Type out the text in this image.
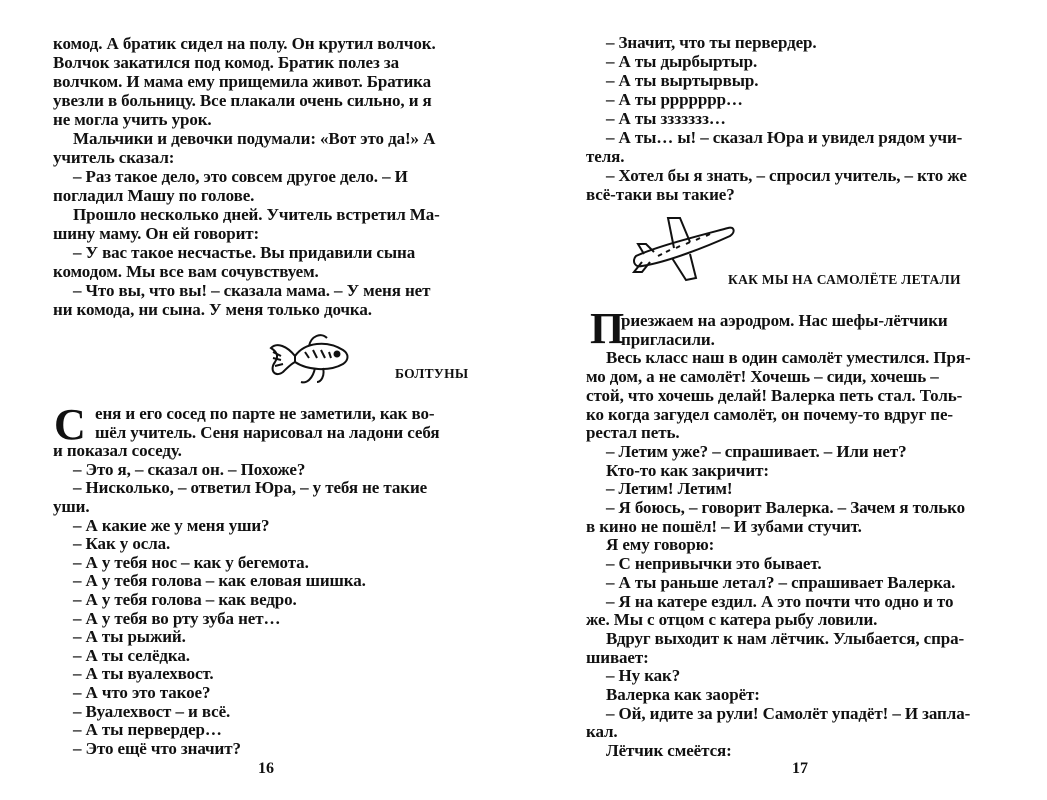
комод. А братик сидел на полу. Он крутил волчок.
Волчок закатился под комод. Братик полез за
волчком. И мама ему прищемила живот. Братика
увезли в больницу. Все плакали очень сильно, и я
не могла учить урок.
Мальчики и девочки подумали: «Вот это да!» А
учитель сказал:
– Раз такое дело, это совсем другое дело. – И
погладил Машу по голове.
Прошло несколько дней. Учитель встретил Ма-
шину маму. Он ей говорит:
– У вас такое несчастье. Вы придавили сына
комодом. Мы все вам сочувствуем.
– Что вы, что вы! – сказала мама. – У меня нет
ни комода, ни сына. У меня только дочка.
БОЛТУНЫ
С еня и его сосед по парте не заметили, как во-
шёл учитель. Сеня нарисовал на ладони себя
и показал соседу.
– Это я, – сказал он. – Похоже?
– Нисколько, – ответил Юра, – у тебя не такие
уши.
– А какие же у меня уши?
– Как у осла.
– А у тебя нос – как у бегемота.
– А у тебя голова – как еловая шишка.
– А у тебя голова – как ведро.
– А у тебя во рту зуба нет…
– А ты рыжий.
– А ты селёдка.
– А ты вуалехвост.
– А что это такое?
– Вуалехвост – и всё.
– А ты первердер…
– Это ещё что значит?
16
– Значит, что ты первердер.
– А ты дырбыртыр.
– А ты выртырвыр.
– А ты ррррррр…
– А ты ззззззз…
– А ты… ы! – сказал Юра и увидел рядом учи-
теля.
– Хотел бы я знать, – спросил учитель, – кто же
всё-таки вы такие?
КАК МЫ НА САМОЛЁТЕ ЛЕТАЛИ
П
риезжаем на аэродром. Нас шефы-лётчики
пригласили.
Весь класс наш в один самолёт уместился. Пря-
мо дом, а не самолёт! Хочешь – сиди, хочешь –
стой, что хочешь делай! Валерка петь стал. Толь-
ко когда загудел самолёт, он почему-то вдруг пе-
рестал петь.
– Летим уже? – спрашивает. – Или нет?
Кто-то как закричит:
– Летим! Летим!
– Я боюсь, – говорит Валерка. – Зачем я только
в кино не пошёл! – И зубами стучит.
Я ему говорю:
– С непривычки это бывает.
– А ты раньше летал? – спрашивает Валерка.
– Я на катере ездил. А это почти что одно и то
же. Мы с отцом с катера рыбу ловили.
Вдруг выходит к нам лётчик. Улыбается, спра-
шивает:
– Ну как?
Валерка как заорёт:
– Ой, идите за рули! Самолёт упадёт! – И запла-
кал.
Лётчик смеётся:
17
